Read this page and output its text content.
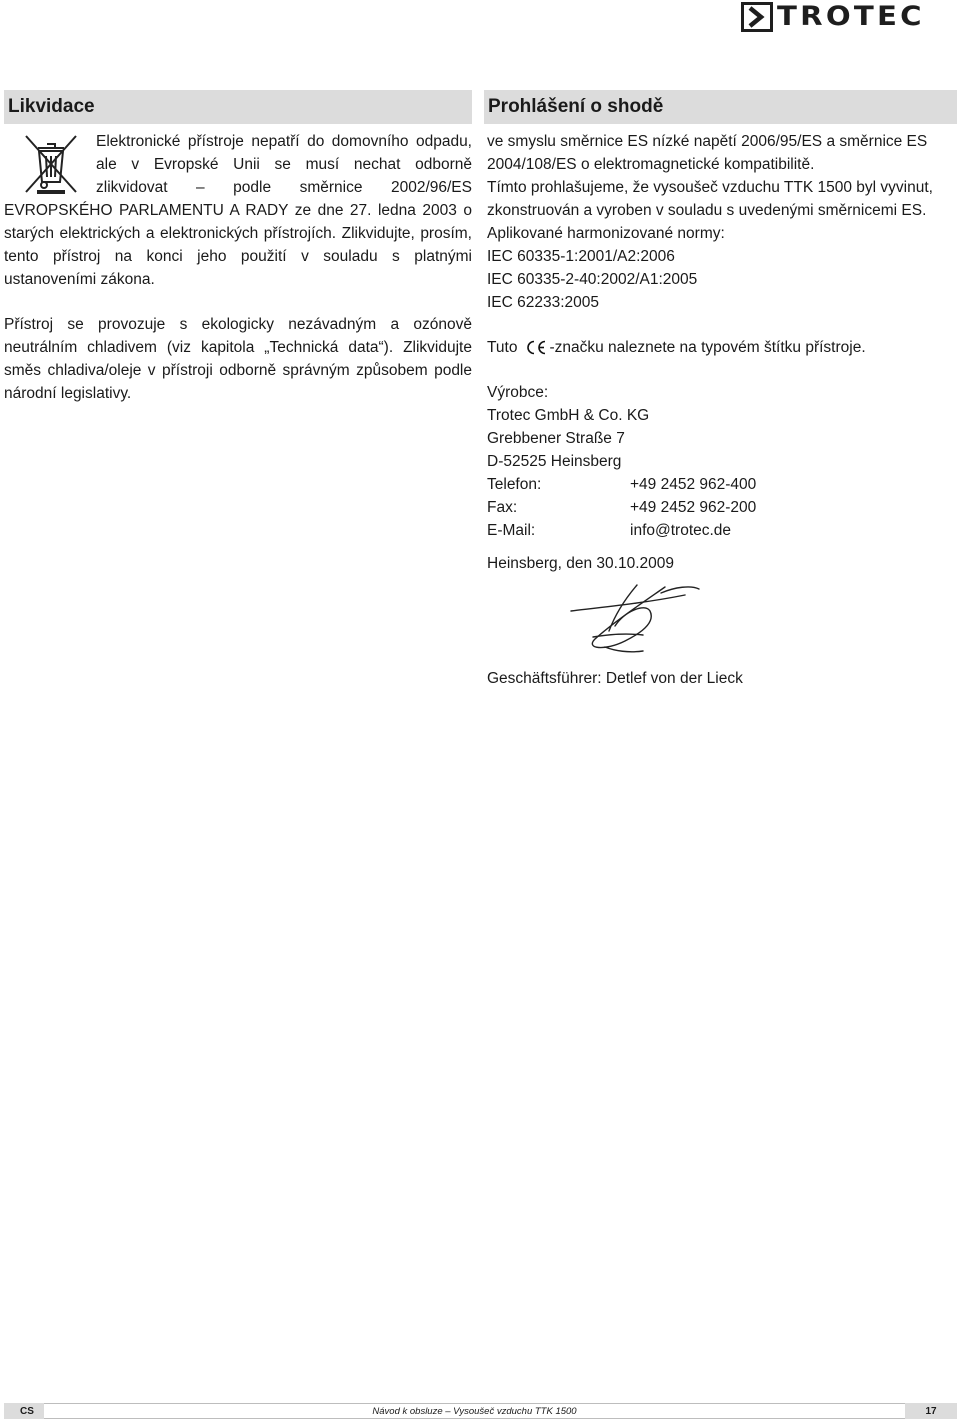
TROTEC
Likvidace

Elektronické přístroje nepatří do domovního odpadu, ale v Evropské Unii se musí nechat odborně zlikvidovat – podle směrnice 2002/96/ES EVROPSKÉHO PARLAMENTU A RADY ze dne 27. ledna 2003 o starých elektrických a elektronických přístrojích. Zlikvidujte, prosím, tento přístroj na konci jeho použití v souladu s platnými ustanoveními zákona.

Přístroj se provozuje s ekologicky nezávadným a ozónově neutrálním chladivem (viz kapitola „Technická data“). Zlikvidujte směs chladiva/oleje v přístroji odborně správným způsobem podle národní legislativy.

Prohlášení o shodě

ve smyslu směrnice ES nízké napětí 2006/95/ES a směrnice ES 2004/108/ES o elektromagnetické kompatibilitě.

Tímto prohlašujeme, že vysoušeč vzduchu TTK 1500 byl vyvinut, zkonstruován a vyroben v souladu s uvedenými směrnicemi ES.

Aplikované harmonizované normy:

IEC 60335-1:2001/A2:2006

IEC 60335-2-40:2002/A1:2005

IEC 62233:2005

Tuto -značku naleznete na typovém štítku přístroje.

Výrobce:

Trotec GmbH & Co. KG

Grebbener Straße 7

D-52525 Heinsberg

Telefon:	+49 2452 962-400
Fax:	+49 2452 962-200
E-Mail:	info@trotec.de

Heinsberg, den 30.10.2009

Geschäftsführer: Detlef von der Lieck

CS	Návod k obsluze – Vysoušeč vzduchu TTK 1500	17
